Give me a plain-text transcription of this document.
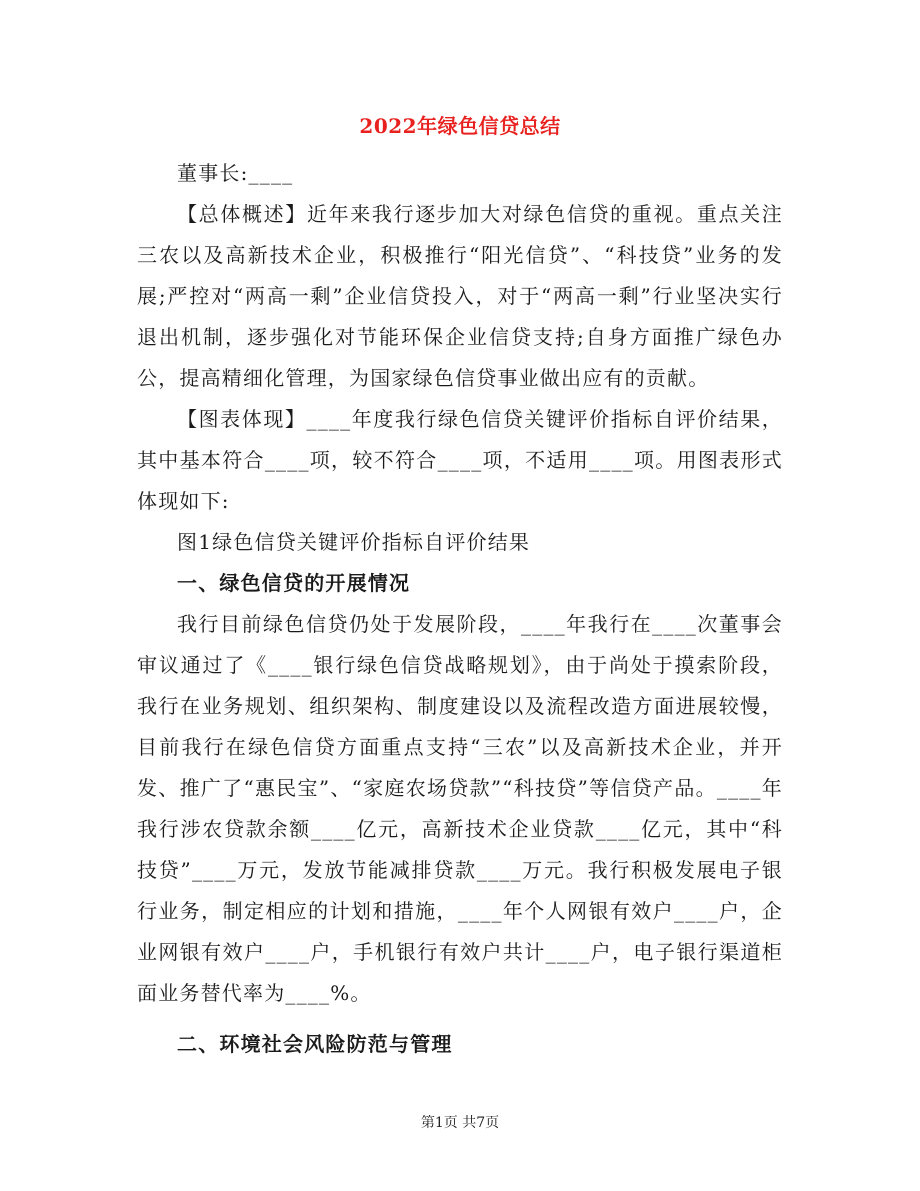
2022年绿色信贷总结

董事长:____

【总体概述】近年来我行逐步加大对绿色信贷的重视。重点关注三农以及高新技术企业，积极推行“阳光信贷”、“科技贷”业务的发展;严控对“两高一剩”企业信贷投入，对于“两高一剩”行业坚决实行退出机制，逐步强化对节能环保企业信贷支持;自身方面推广绿色办公，提高精细化管理，为国家绿色信贷事业做出应有的贡献。

【图表体现】____年度我行绿色信贷关键评价指标自评价结果，其中基本符合____项，较不符合____项，不适用____项。用图表形式体现如下:

图1绿色信贷关键评价指标自评价结果

一、绿色信贷的开展情况

我行目前绿色信贷仍处于发展阶段，____年我行在____次董事会审议通过了《____银行绿色信贷战略规划》，由于尚处于摸索阶段，我行在业务规划、组织架构、制度建设以及流程改造方面进展较慢，目前我行在绿色信贷方面重点支持“三农”以及高新技术企业，并开发、推广了“惠民宝”、“家庭农场贷款”“科技贷”等信贷产品。____年我行涉农贷款余额____亿元，高新技术企业贷款____亿元，其中“科技贷”____万元，发放节能减排贷款____万元。我行积极发展电子银行业务，制定相应的计划和措施，____年个人网银有效户____户，企业网银有效户____户，手机银行有效户共计____户，电子银行渠道柜面业务替代率为____%。

二、环境社会风险防范与管理

第1页 共7页
